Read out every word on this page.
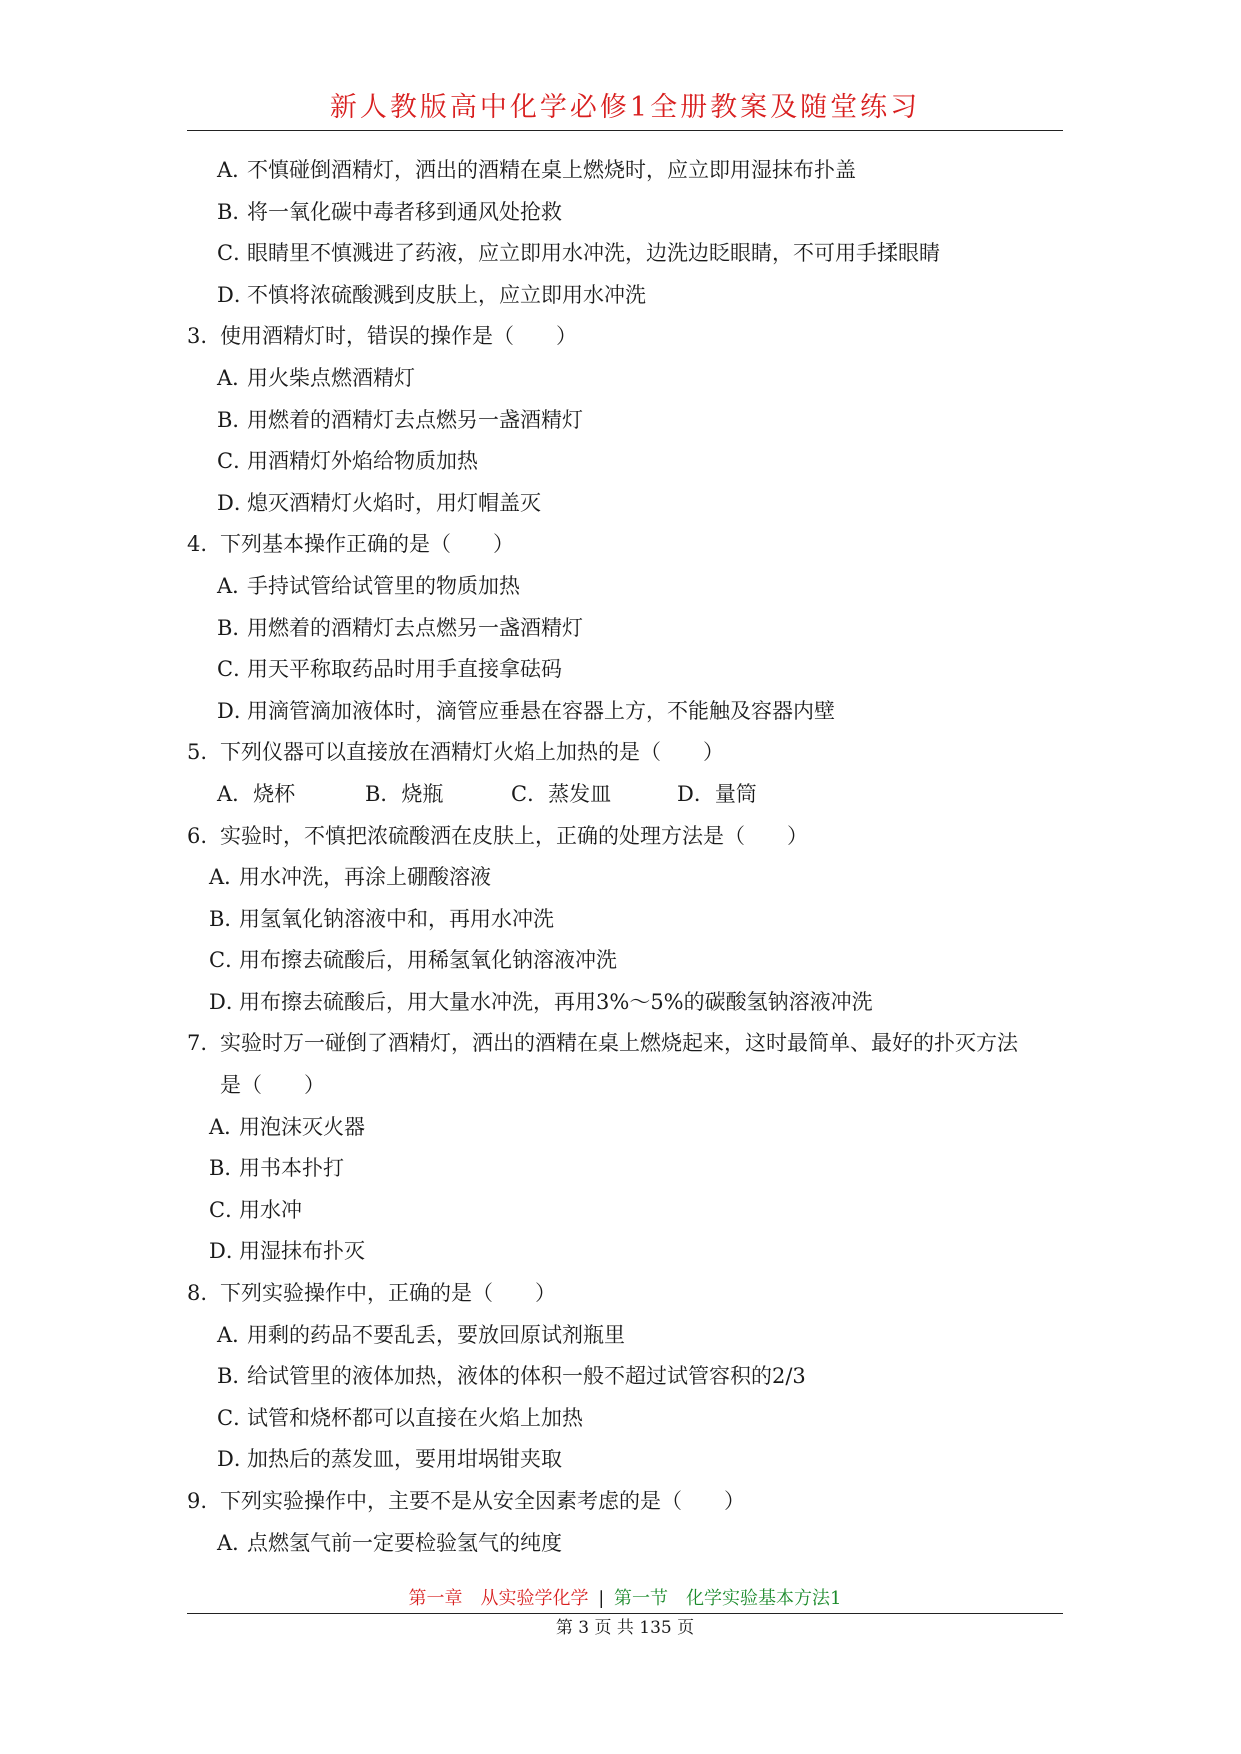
新人教版高中化学必修1全册教案及随堂练习
A．不慎碰倒酒精灯，洒出的酒精在桌上燃烧时，应立即用湿抹布扑盖
B．将一氧化碳中毒者移到通风处抢救
C．眼睛里不慎溅进了药液，应立即用水冲洗，边洗边眨眼睛，不可用手揉眼睛
D．不慎将浓硫酸溅到皮肤上，应立即用水冲洗
3. 使用酒精灯时，错误的操作是（　　）
A．用火柴点燃酒精灯
B．用燃着的酒精灯去点燃另一盏酒精灯
C．用酒精灯外焰给物质加热
D．熄灭酒精灯火焰时，用灯帽盖灭
4. 下列基本操作正确的是（　　）
A．手持试管给试管里的物质加热
B．用燃着的酒精灯去点燃另一盏酒精灯
C．用天平称取药品时用手直接拿砝码
D．用滴管滴加液体时，滴管应垂悬在容器上方，不能触及容器内壁
5. 下列仪器可以直接放在酒精灯火焰上加热的是（　　）
A．烧杯	B．烧瓶	C．蒸发皿	D．量筒
6. 实验时，不慎把浓硫酸洒在皮肤上，正确的处理方法是（　　）
A．用水冲洗，再涂上硼酸溶液
B．用氢氧化钠溶液中和，再用水冲洗
C．用布擦去硫酸后，用稀氢氧化钠溶液冲洗
D．用布擦去硫酸后，用大量水冲洗，再用3%～5%的碳酸氢钠溶液冲洗
7. 实验时万一碰倒了酒精灯，洒出的酒精在桌上燃烧起来，这时最简单、最好的扑灭方法
是（　　）
A．用泡沫灭火器
B．用书本扑打
C．用水冲
D．用湿抹布扑灭
8. 下列实验操作中，正确的是（　　）
A．用剩的药品不要乱丢，要放回原试剂瓶里
B．给试管里的液体加热，液体的体积一般不超过试管容积的2/3
C．试管和烧杯都可以直接在火焰上加热
D．加热后的蒸发皿，要用坩埚钳夹取
9. 下列实验操作中，主要不是从安全因素考虑的是（　　）
A．点燃氢气前一定要检验氢气的纯度
第一章　从实验学化学 | 第一节　化学实验基本方法1
第 3 页 共 135 页
